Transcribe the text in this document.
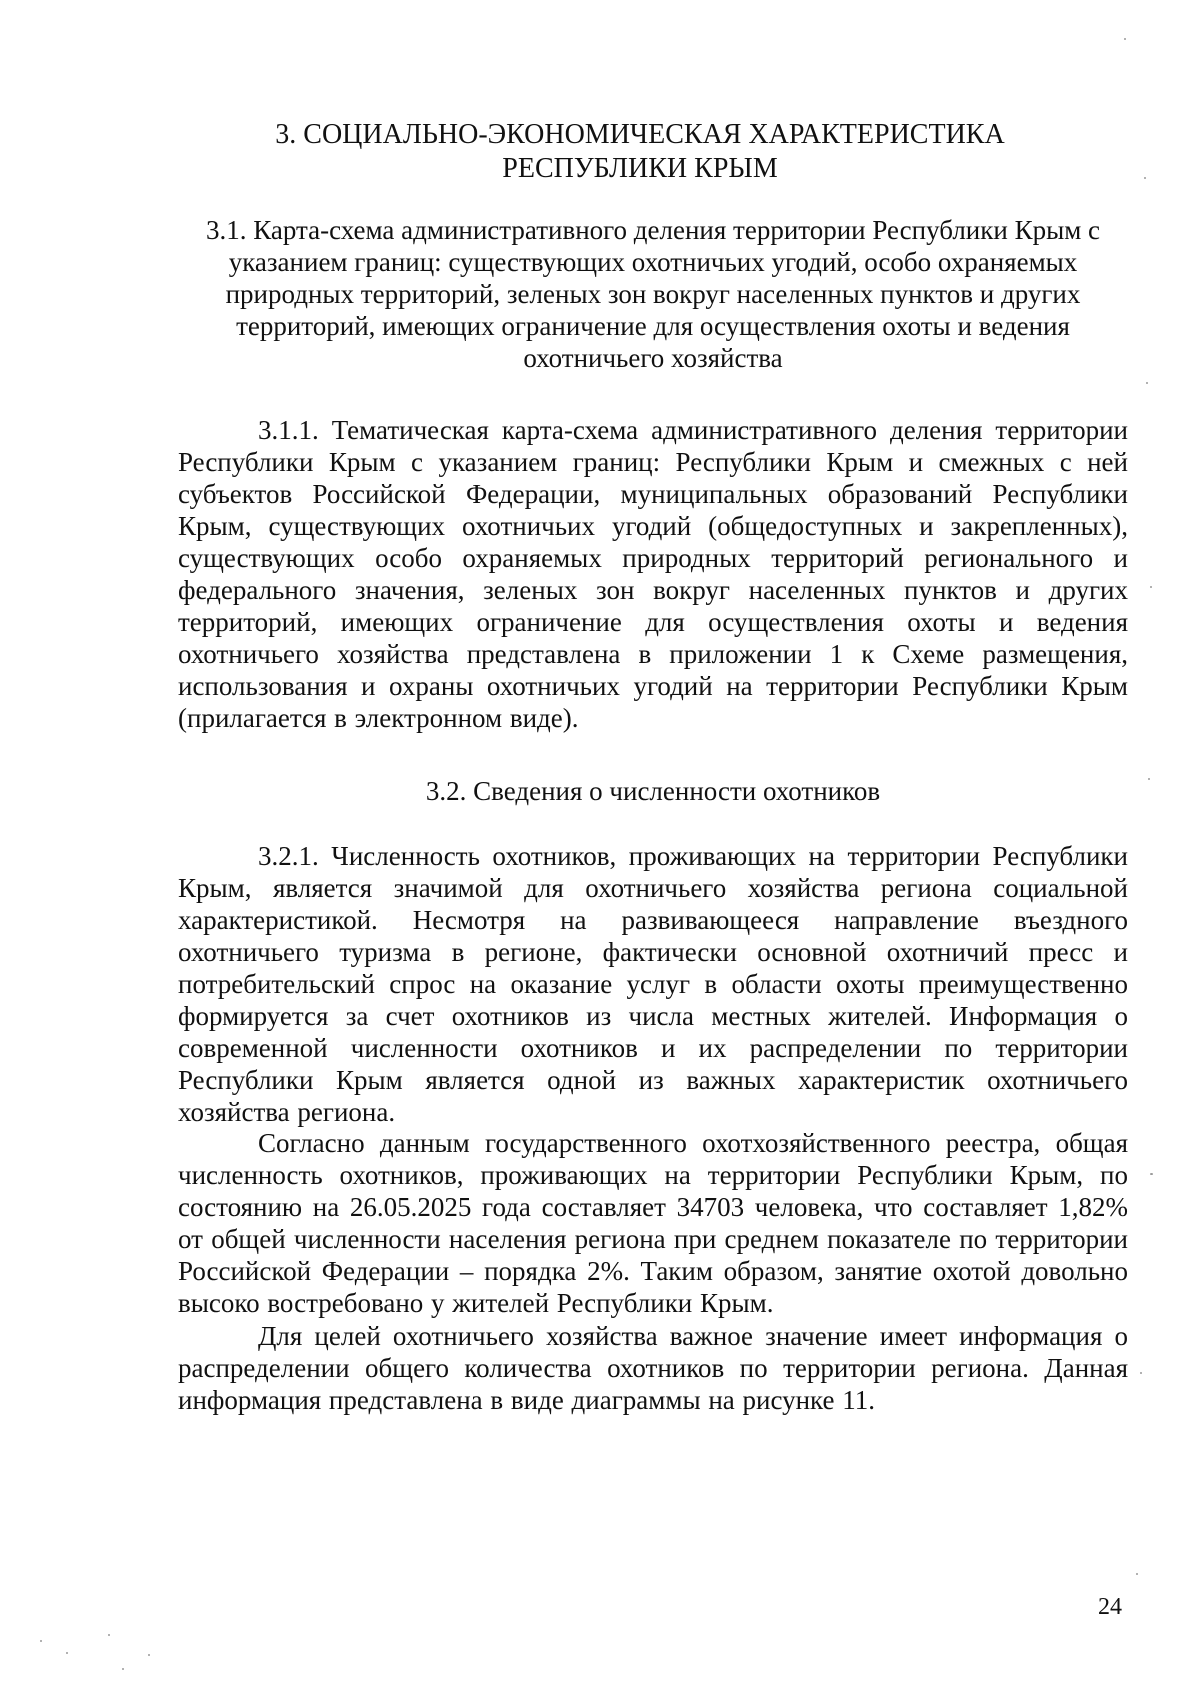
3. СОЦИАЛЬНО-ЭКОНОМИЧЕСКАЯ ХАРАКТЕРИСТИКА
РЕСПУБЛИКИ КРЫМ
3.1. Карта-схема административного деления территории Республики Крым с указанием границ: существующих охотничьих угодий, особо охраняемых природных территорий, зеленых зон вокруг населенных пунктов и других территорий, имеющих ограничение для осуществления охоты и ведения охотничьего хозяйства

3.1.1. Тематическая карта-схема административного деления территории Республики Крым с указанием границ: Республики Крым и смежных с ней субъектов Российской Федерации, муниципальных образований Республики Крым, существующих охотничьих угодий (общедоступных и закрепленных), существующих особо охраняемых природных территорий регионального и федерального значения, зеленых зон вокруг населенных пунктов и других территорий, имеющих ограничение для осуществления охоты и ведения охотничьего хозяйства представлена в приложении 1 к Схеме размещения, использования и охраны охотничьих угодий на территории Республики Крым (прилагается в электронном виде).

3.2. Сведения о численности охотников

3.2.1. Численность охотников, проживающих на территории Республики Крым, является значимой для охотничьего хозяйства региона социальной характеристикой. Несмотря на развивающееся направление въездного охотничьего туризма в регионе, фактически основной охотничий пресс и потребительский спрос на оказание услуг в области охоты преимущественно формируется за счет охотников из числа местных жителей. Информация о современной численности охотников и их распределении по территории Республики Крым является одной из важных характеристик охотничьего хозяйства региона.

Согласно данным государственного охотхозяйственного реестра, общая численность охотников, проживающих на территории Республики Крым, по состоянию на 26.05.2025 года составляет 34703 человека, что составляет 1,82% от общей численности населения региона при среднем показателе по территории Российской Федерации – порядка 2%. Таким образом, занятие охотой довольно высоко востребовано у жителей Республики Крым.

Для целей охотничьего хозяйства важное значение имеет информация о распределении общего количества охотников по территории региона. Данная информация представлена в виде диаграммы на рисунке 11.

24
